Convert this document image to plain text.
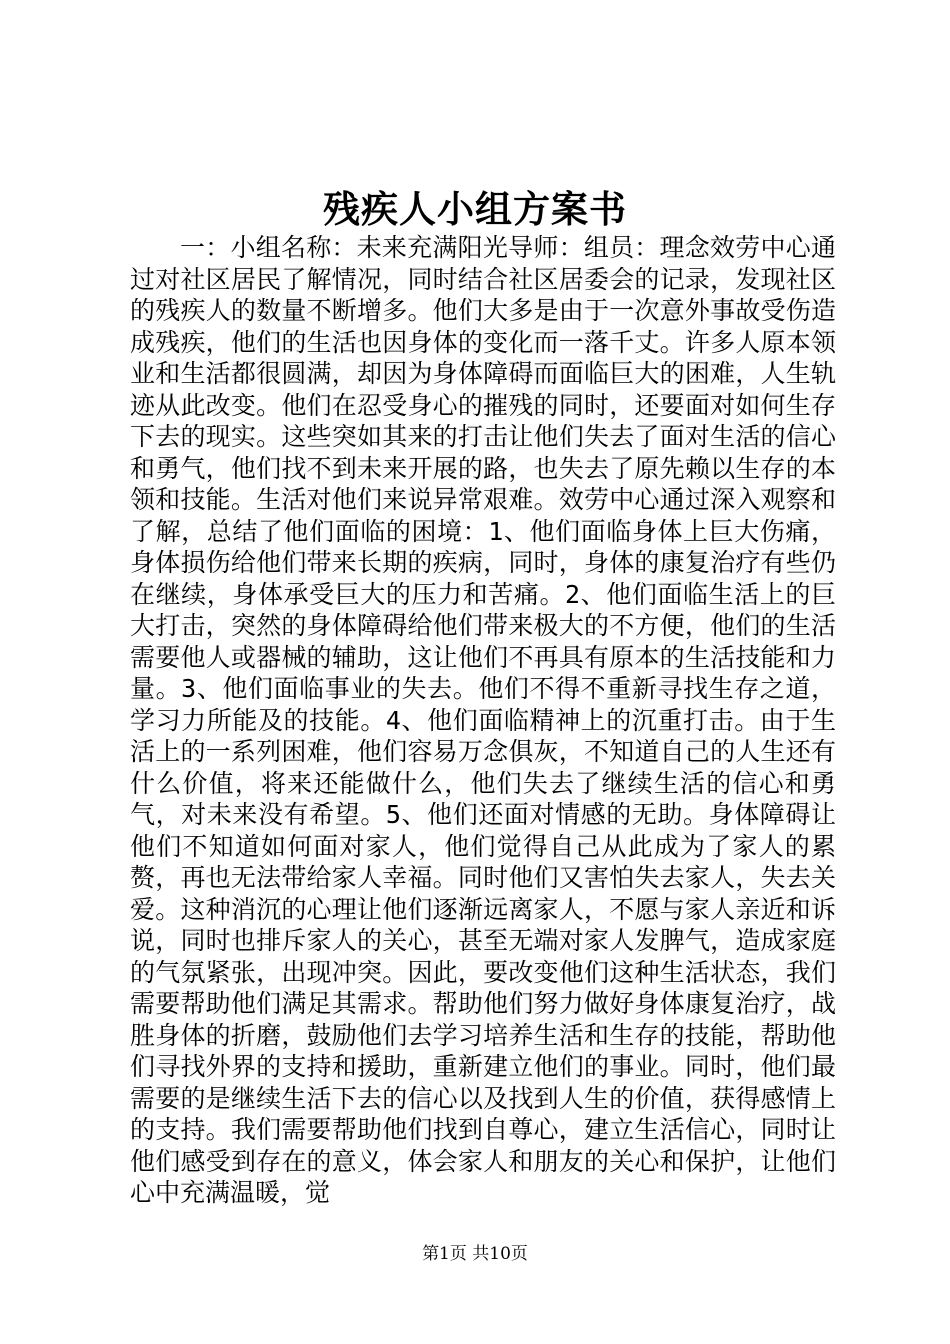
残疾人小组方案书

一：小组名称：未来充满阳光导师：组员：理念效劳中心通过对社区居民了解情况，同时结合社区居委会的记录，发现社区的残疾人的数量不断增多。他们大多是由于一次意外事故受伤造成残疾，他们的生活也因身体的变化而一落千丈。许多人原本领业和生活都很圆满，却因为身体障碍而面临巨大的困难，人生轨迹从此改变。他们在忍受身心的摧残的同时，还要面对如何生存下去的现实。这些突如其来的打击让他们失去了面对生活的信心和勇气，他们找不到未来开展的路，也失去了原先赖以生存的本领和技能。生活对他们来说异常艰难。效劳中心通过深入观察和了解，总结了他们面临的困境：1、他们面临身体上巨大伤痛，身体损伤给他们带来长期的疾病，同时，身体的康复治疗有些仍在继续，身体承受巨大的压力和苦痛。2、他们面临生活上的巨大打击，突然的身体障碍给他们带来极大的不方便，他们的生活需要他人或器械的辅助，这让他们不再具有原本的生活技能和力量。3、他们面临事业的失去。他们不得不重新寻找生存之道，学习力所能及的技能。4、他们面临精神上的沉重打击。由于生活上的一系列困难，他们容易万念俱灰，不知道自己的人生还有什么价值，将来还能做什么，他们失去了继续生活的信心和勇气，对未来没有希望。5、他们还面对情感的无助。身体障碍让他们不知道如何面对家人，他们觉得自己从此成为了家人的累赘，再也无法带给家人幸福。同时他们又害怕失去家人，失去关爱。这种消沉的心理让他们逐渐远离家人，不愿与家人亲近和诉说，同时也排斥家人的关心，甚至无端对家人发脾气，造成家庭的气氛紧张，出现冲突。因此，要改变他们这种生活状态，我们需要帮助他们满足其需求。帮助他们努力做好身体康复治疗，战胜身体的折磨，鼓励他们去学习培养生活和生存的技能，帮助他们寻找外界的支持和援助，重新建立他们的事业。同时，他们最需要的是继续生活下去的信心以及找到人生的价值，获得感情上的支持。我们需要帮助他们找到自尊心，建立生活信心，同时让他们感受到存在的意义，体会家人和朋友的关心和保护，让他们心中充满温暖，觉

第1页 共10页
